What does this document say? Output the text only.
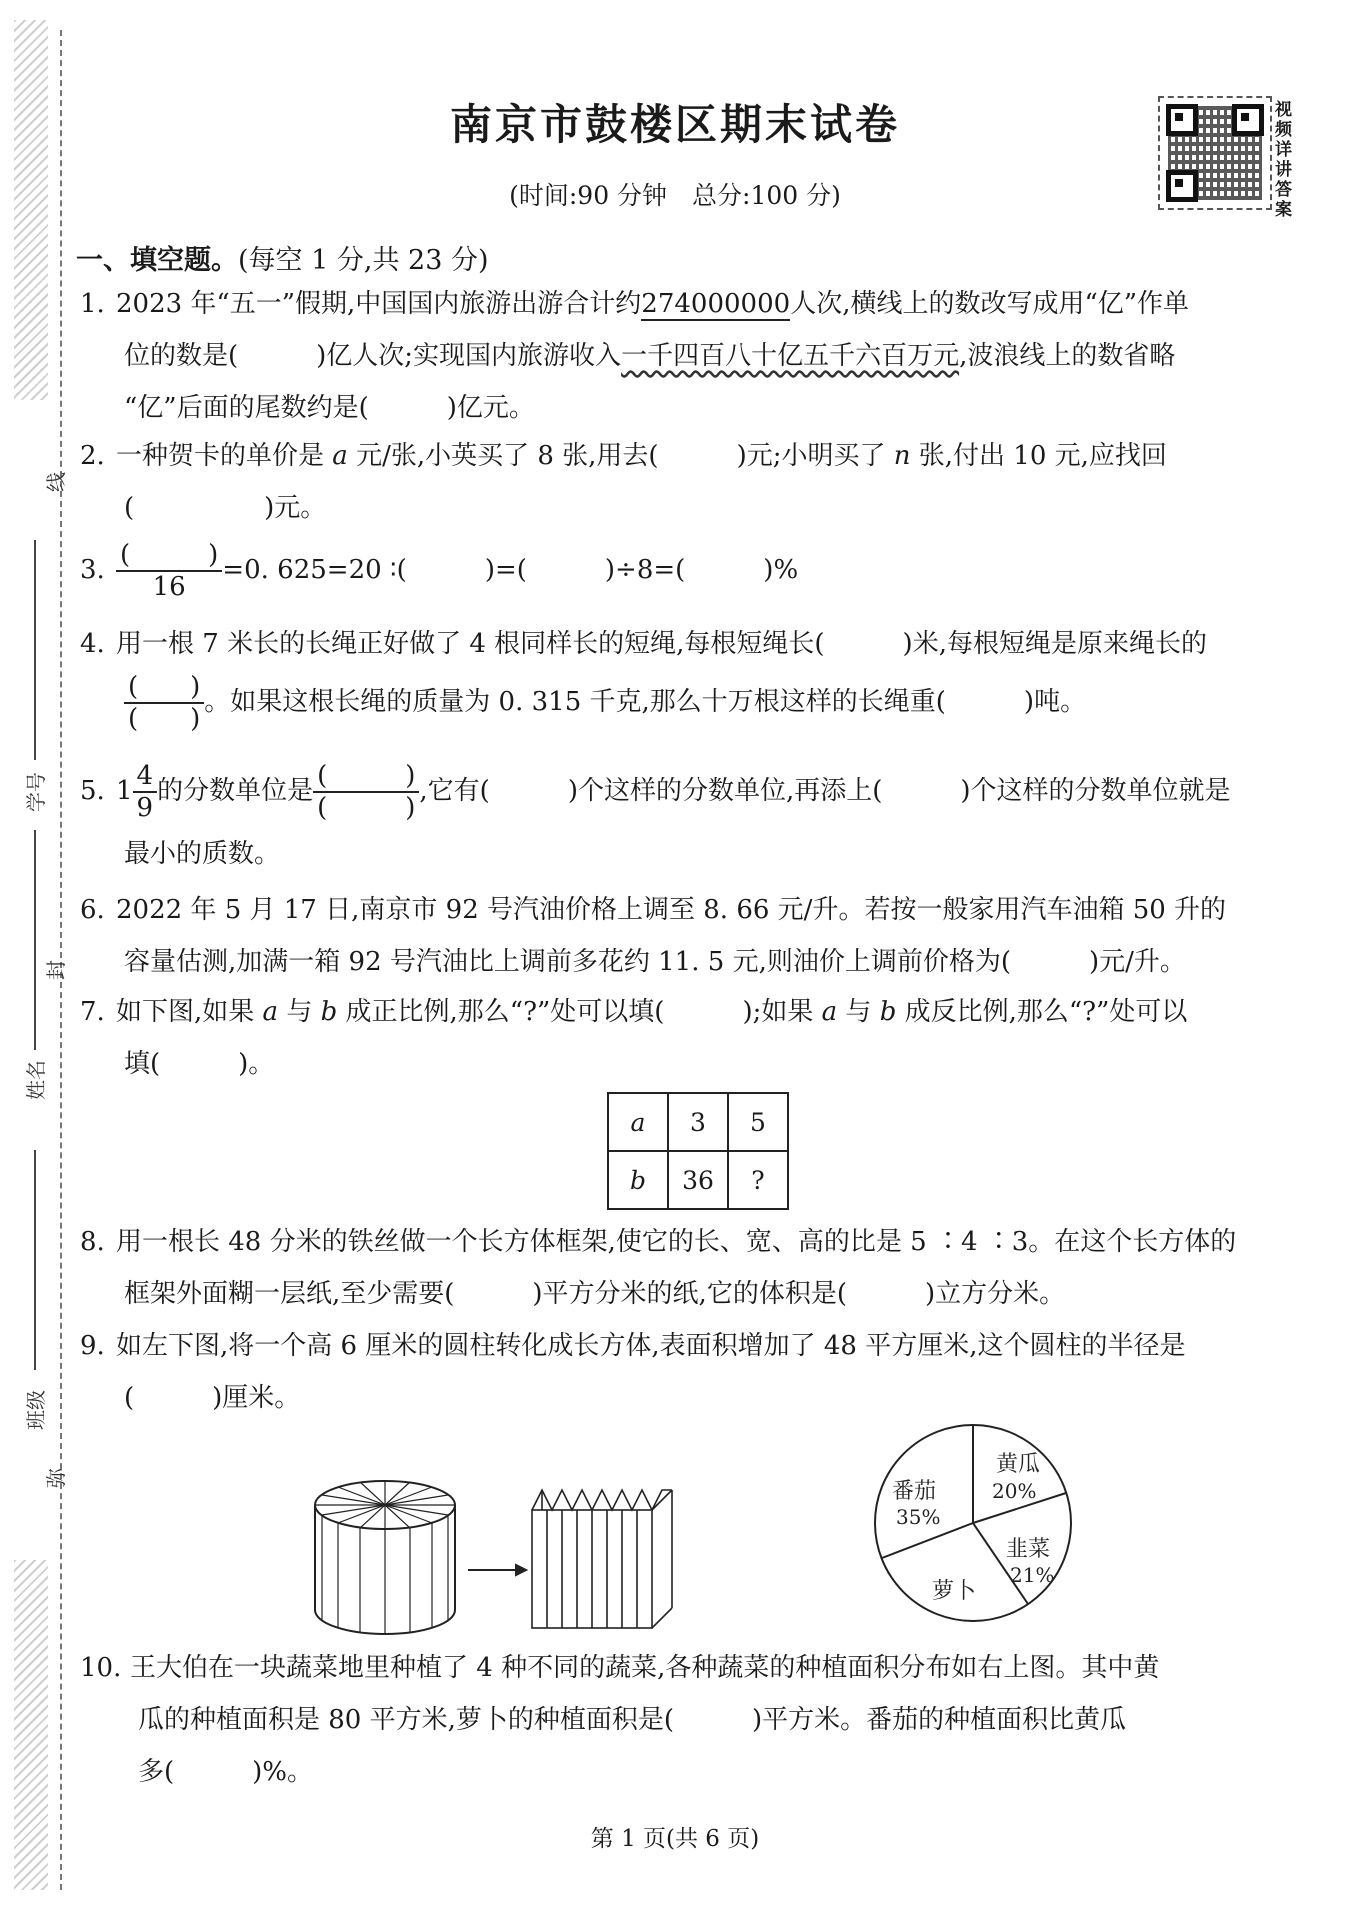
线
封
弥
学号
姓名
班级
南京市鼓楼区期末试卷
(时间:90 分钟　总分:100 分)
视频详讲答案
一、填空题。(每空 1 分,共 23 分)
1. 2023 年“五一”假期,中国国内旅游出游合计约274000000人次,横线上的数改写成用“亿”作单
位的数是(　　　)亿人次;实现国内旅游收入一千四百八十亿五千六百万元,波浪线上的数省略
“亿”后面的尾数约是(　　　)亿元。
2. 一种贺卡的单价是 a 元/张,小英买了 8 张,用去(　　　)元;小明买了 n 张,付出 10 元,应找回
(　　　　　)元。
3. $\frac{( )}{16} =0$. 625=20 ∶(　　　)=(　　　)÷8=(　　　)%
4. 用一根 7 米长的长绳正好做了 4 根同样长的短绳,每根短绳长(　　　)米,每根短绳是原来绳长的
$\frac{( )}{( )}$ 。如果这根长绳的质量为 0. 315 千克,那么十万根这样的长绳重(　　　)吨。
5. $1 \frac{4}{9}$ 的分数单位是 $\frac{( )}{( )}$ ,它有(　　　)个这样的分数单位,再添上(　　　)个这样的分数单位就是
最小的质数。
6. 2022 年 5 月 17 日,南京市 92 号汽油价格上调至 8. 66 元/升。若按一般家用汽车油箱 50 升的
容量估测,加满一箱 92 号汽油比上调前多花约 11. 5 元,则油价上调前价格为(　　　)元/升。
7. 如下图,如果 a 与 b 成正比例,那么“?”处可以填(　　　);如果 a 与 b 成反比例,那么“?”处可以
填(　　　)。
a	3	5
b	36	?
8. 用一根长 48 分米的铁丝做一个长方体框架,使它的长、宽、高的比是 5 ∶4 ∶3。在这个长方体的
框架外面糊一层纸,至少需要(　　　)平方分米的纸,它的体积是(　　　)立方分米。
9. 如左下图,将一个高 6 厘米的圆柱转化成长方体,表面积增加了 48 平方厘米,这个圆柱的半径是
(　　　)厘米。
黄瓜
20%
韭菜
21%
萝卜
番茄
35%
10. 王大伯在一块蔬菜地里种植了 4 种不同的蔬菜,各种蔬菜的种植面积分布如右上图。其中黄
瓜的种植面积是 80 平方米,萝卜的种植面积是(　　　)平方米。番茄的种植面积比黄瓜
多(　　　)%。
第 1 页(共 6 页)
